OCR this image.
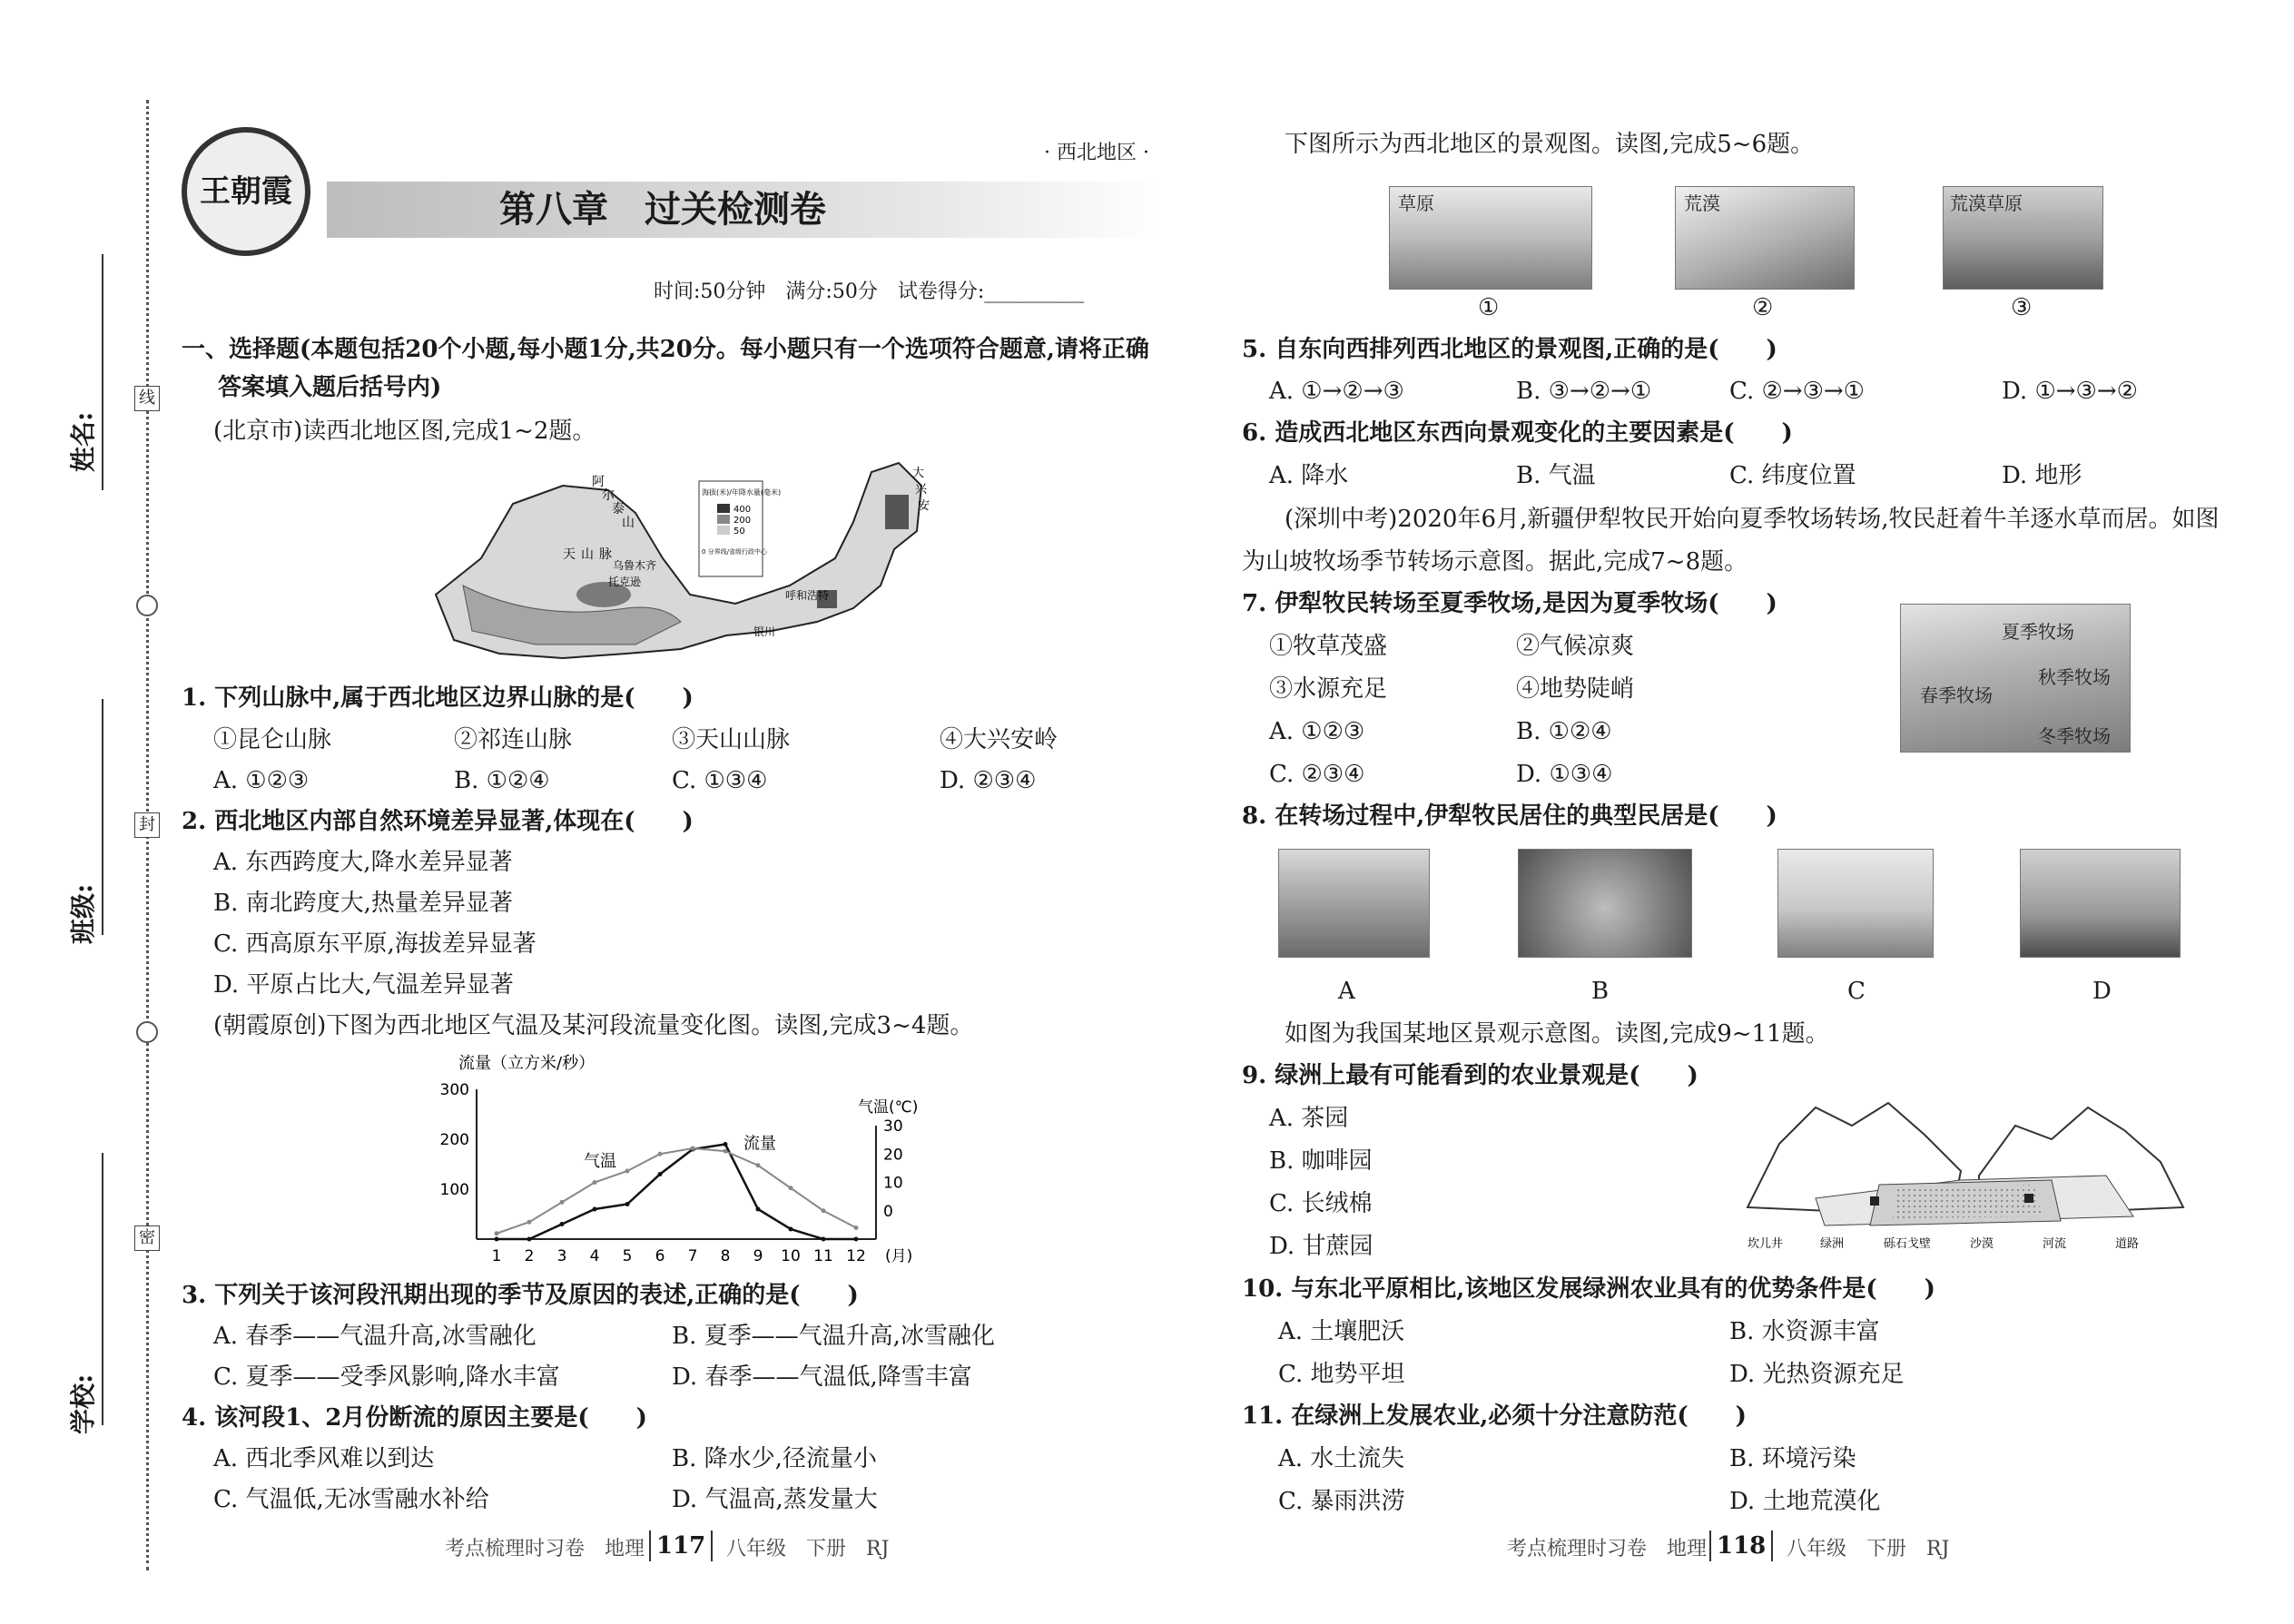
姓名:
班级:
学校:
线
封
密
王朝霞	第八章　过关检测卷
· 西北地区 ·
时间:50分钟　满分:50分　试卷得分:__________
一、选择题(本题包括20个小题,每小题1分,共20分。每小题只有一个选项符合题意,请将正确
答案填入题后括号内)
(北京市)读西北地区图,完成1~2题。
阿
尔
泰
山
天 山 脉
乌鲁木齐
托克逊
呼和浩特
银川
大
兴
安
海拔(米)/年降水量(毫米)
400
200
50
0 分界线/省级行政中心
1. 下列山脉中,属于西北地区边界山脉的是(　　)
①昆仑山脉	②祁连山脉	③天山山脉	④大兴安岭
A. ①②③	B. ①②④	C. ①③④	D. ②③④
2. 西北地区内部自然环境差异显著,体现在(　　)
A. 东西跨度大,降水差异显著
B. 南北跨度大,热量差异显著
C. 西高原东平原,海拔差异显著
D. 平原占比大,气温差异显著
(朝霞原创)下图为西北地区气温及某河段流量变化图。读图,完成3~4题。
流量（立方米/秒）
300
200
100
30
20
10
0
气温(℃)
1 2 3 4 5 6 7 8 9 10 11 12 (月)
流量
气温
3. 下列关于该河段汛期出现的季节及原因的表述,正确的是(　　)
A. 春季——气温升高,冰雪融化	B. 夏季——气温升高,冰雪融化
C. 夏季——受季风影响,降水丰富	D. 春季——气温低,降雪丰富
4. 该河段1、2月份断流的原因主要是(　　)
A. 西北季风难以到达	B. 降水少,径流量小
C. 气温低,无冰雪融水补给	D. 气温高,蒸发量大
考点梳理时习卷　地理 117	八年级　下册　RJ
下图所示为西北地区的景观图。读图,完成5~6题。
草原
①
荒漠
②
荒漠草原
③
5. 自东向西排列西北地区的景观图,正确的是(　　)
A. ①→②→③	B. ③→②→①	C. ②→③→①	D. ①→③→②
6. 造成西北地区东西向景观变化的主要因素是(　　)
A. 降水	B. 气温	C. 纬度位置	D. 地形
(深圳中考)2020年6月,新疆伊犁牧民开始向夏季牧场转场,牧民赶着牛羊逐水草而居。如图
为山坡牧场季节转场示意图。据此,完成7~8题。
7. 伊犁牧民转场至夏季牧场,是因为夏季牧场(　　)
①牧草茂盛	②气候凉爽
③水源充足	④地势陡峭
A. ①②③	B. ①②④
C. ②③④	D. ①③④
夏季牧场
春季牧场
秋季牧场
冬季牧场
8. 在转场过程中,伊犁牧民居住的典型民居是(　　)
A	B	C	D
如图为我国某地区景观示意图。读图,完成9~11题。
9. 绿洲上最有可能看到的农业景观是(　　)
A. 茶园
B. 咖啡园
C. 长绒棉
D. 甘蔗园	坎儿井	绿洲	砾石戈壁	沙漠	河流	道路
10. 与东北平原相比,该地区发展绿洲农业具有的优势条件是(　　)
A. 土壤肥沃	B. 水资源丰富
C. 地势平坦	D. 光热资源充足
11. 在绿洲上发展农业,必须十分注意防范(　　)
A. 水土流失	B. 环境污染
C. 暴雨洪涝	D. 土地荒漠化
考点梳理时习卷　地理 118	八年级　下册　RJ
